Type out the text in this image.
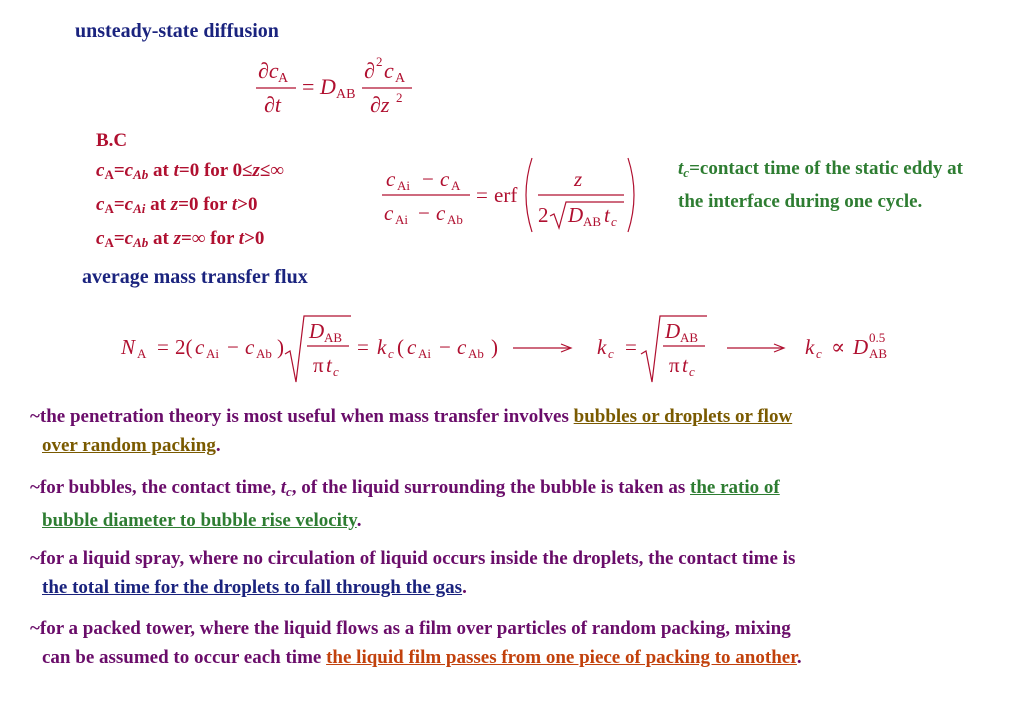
unsteady-state diffusion
∂c A
∂t
= D AB
∂ 2 c A
∂z 2
B.C
$c_A=c_{Ab}$ at t=0 for 0≤z≤∞
$c_A=c_{Ai}$ at z=0 for t>0
$c_A=c_{Ab}$ at z=∞ for t>0
c Ai − c A
c Ai − c Ab
= erf
z
2 D AB t c
$t_c=contact$ time of the static eddy at the interface during one cycle.
average mass transfer flux
N A = 2( c Ai − c Ab )
D AB
π t c
= k c ( c Ai − c Ab )	k c =
D AB
π t c
k c ∝ D AB
0.5
~the penetration theory is most useful when mass transfer involves bubbles or droplets or flow
over random packing.
~for bubbles, the contact time, $t_c$, of the liquid surrounding the bubble is taken as the ratio of
bubble diameter to bubble rise velocity.
~for a liquid spray, where no circulation of liquid occurs inside the droplets, the contact time is
the total time for the droplets to fall through the gas.
~for a packed tower, where the liquid flows as a film over particles of random packing, mixing
can be assumed to occur each time the liquid film passes from one piece of packing to another.
